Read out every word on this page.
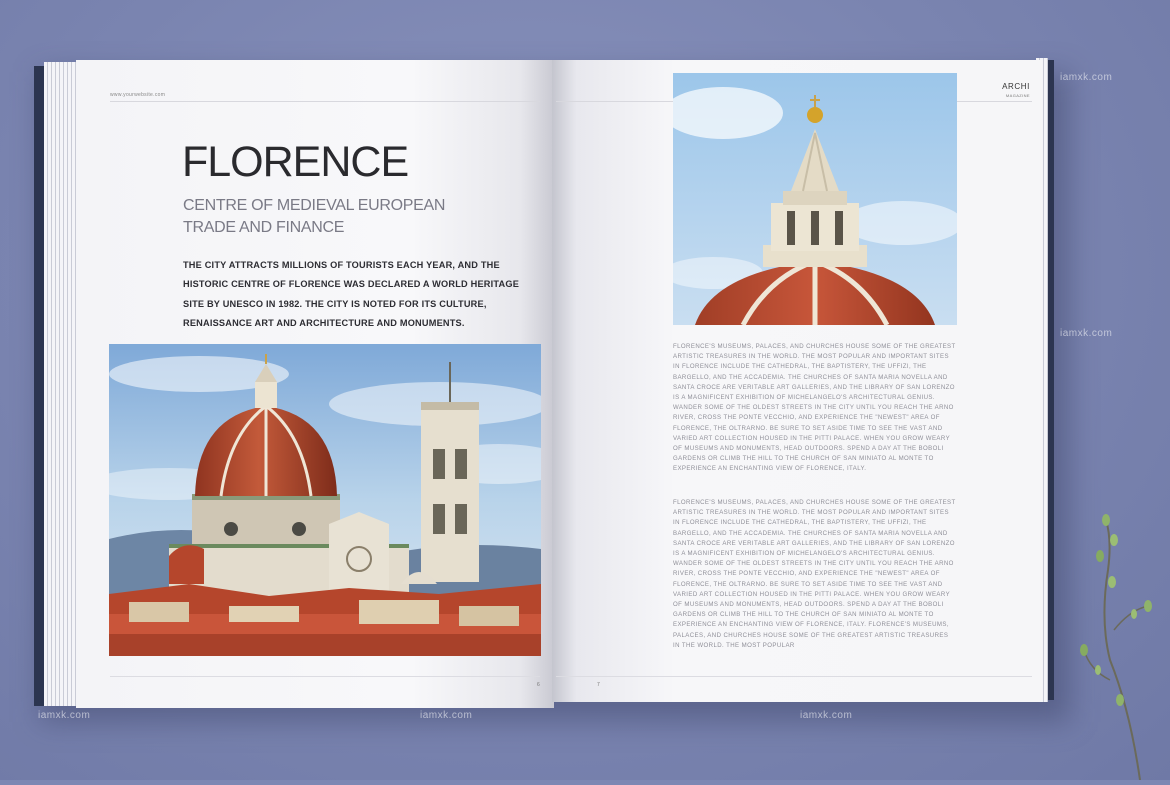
www.yourwebsite.com
ARCHI
MAGAZINE
FLORENCE
CENTRE OF MEDIEVAL EUROPEAN
TRADE AND FINANCE
THE CITY ATTRACTS MILLIONS OF TOURISTS EACH YEAR, AND THE HISTORIC CENTRE OF FLORENCE WAS DECLARED A WORLD HERITAGE SITE BY UNESCO IN 1982. THE CITY IS NOTED FOR ITS CULTURE, RENAISSANCE ART AND ARCHITECTURE AND MONUMENTS.
FLORENCE'S MUSEUMS, PALACES, AND CHURCHES HOUSE SOME OF THE GREATEST ARTISTIC TREASURES IN THE WORLD. THE MOST POPULAR AND IMPORTANT SITES IN FLORENCE INCLUDE THE CATHEDRAL, THE BAPTISTERY, THE UFFIZI, THE BARGELLO, AND THE ACCADEMIA. THE CHURCHES OF SANTA MARIA NOVELLA AND SANTA CROCE ARE VERITABLE ART GALLERIES, AND THE LIBRARY OF SAN LORENZO IS A MAGNIFICENT EXHIBITION OF MICHELANGELO'S ARCHITECTURAL GENIUS. WANDER SOME OF THE OLDEST STREETS IN THE CITY UNTIL YOU REACH THE ARNO RIVER, CROSS THE PONTE VECCHIO, AND EXPERIENCE THE "NEWEST" AREA OF FLORENCE, THE OLTRARNO. BE SURE TO SET ASIDE TIME TO SEE THE VAST AND VARIED ART COLLECTION HOUSED IN THE PITTI PALACE. WHEN YOU GROW WEARY OF MUSEUMS AND MONUMENTS, HEAD OUTDOORS. SPEND A DAY AT THE BOBOLI GARDENS OR CLIMB THE HILL TO THE CHURCH OF SAN MINIATO AL MONTE TO EXPERIENCE AN ENCHANTING VIEW OF FLORENCE, ITALY.
FLORENCE'S MUSEUMS, PALACES, AND CHURCHES HOUSE SOME OF THE GREATEST ARTISTIC TREASURES IN THE WORLD. THE MOST POPULAR AND IMPORTANT SITES IN FLORENCE INCLUDE THE CATHEDRAL, THE BAPTISTERY, THE UFFIZI, THE BARGELLO, AND THE ACCADEMIA. THE CHURCHES OF SANTA MARIA NOVELLA AND SANTA CROCE ARE VERITABLE ART GALLERIES, AND THE LIBRARY OF SAN LORENZO IS A MAGNIFICENT EXHIBITION OF MICHELANGELO'S ARCHITECTURAL GENIUS. WANDER SOME OF THE OLDEST STREETS IN THE CITY UNTIL YOU REACH THE ARNO RIVER, CROSS THE PONTE VECCHIO, AND EXPERIENCE THE "NEWEST" AREA OF FLORENCE, THE OLTRARNO. BE SURE TO SET ASIDE TIME TO SEE THE VAST AND VARIED ART COLLECTION HOUSED IN THE PITTI PALACE. WHEN YOU GROW WEARY OF MUSEUMS AND MONUMENTS, HEAD OUTDOORS. SPEND A DAY AT THE BOBOLI GARDENS OR CLIMB THE HILL TO THE CHURCH OF SAN MINIATO AL MONTE TO EXPERIENCE AN ENCHANTING VIEW OF FLORENCE, ITALY. FLORENCE'S MUSEUMS, PALACES, AND CHURCHES HOUSE SOME OF THE GREATEST ARTISTIC TREASURES IN THE WORLD. THE MOST POPULAR
6	7
iamxk.com	iamxk.com	iamxk.com
iamxk.com
iamxk.com
